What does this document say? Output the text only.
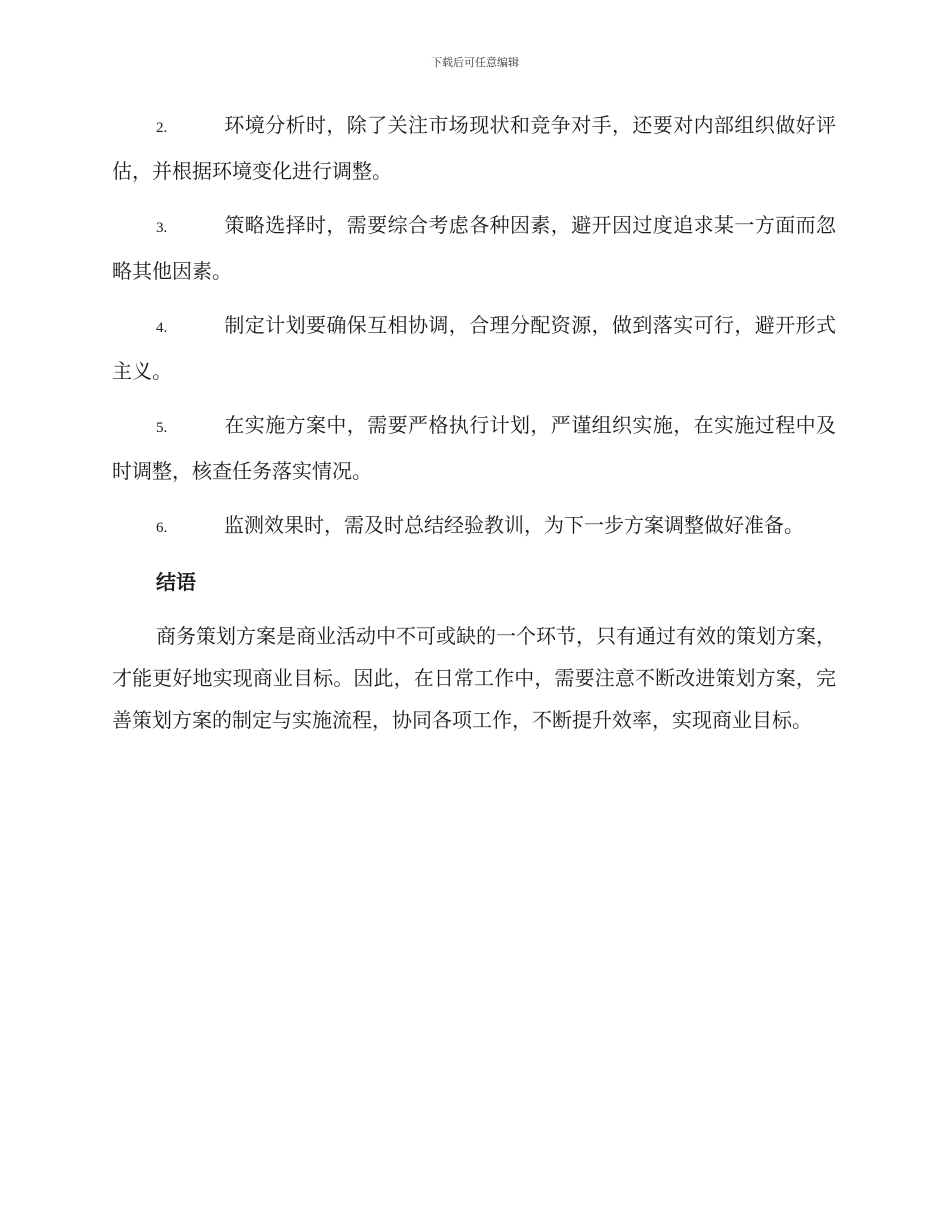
下载后可任意编辑
2.	环境分析时，除了关注市场现状和竞争对手，还要对内部组织做好评估，并根据环境变化进行调整。
3.	策略选择时，需要综合考虑各种因素，避开因过度追求某一方面而忽略其他因素。
4.	制定计划要确保互相协调，合理分配资源，做到落实可行，避开形式主义。
5.	在实施方案中，需要严格执行计划，严谨组织实施，在实施过程中及时调整，核查任务落实情况。
6.	监测效果时，需及时总结经验教训，为下一步方案调整做好准备。
结语

商务策划方案是商业活动中不可或缺的一个环节，只有通过有效的策划方案，才能更好地实现商业目标。因此，在日常工作中，需要注意不断改进策划方案，完善策划方案的制定与实施流程，协同各项工作，不断提升效率，实现商业目标。
